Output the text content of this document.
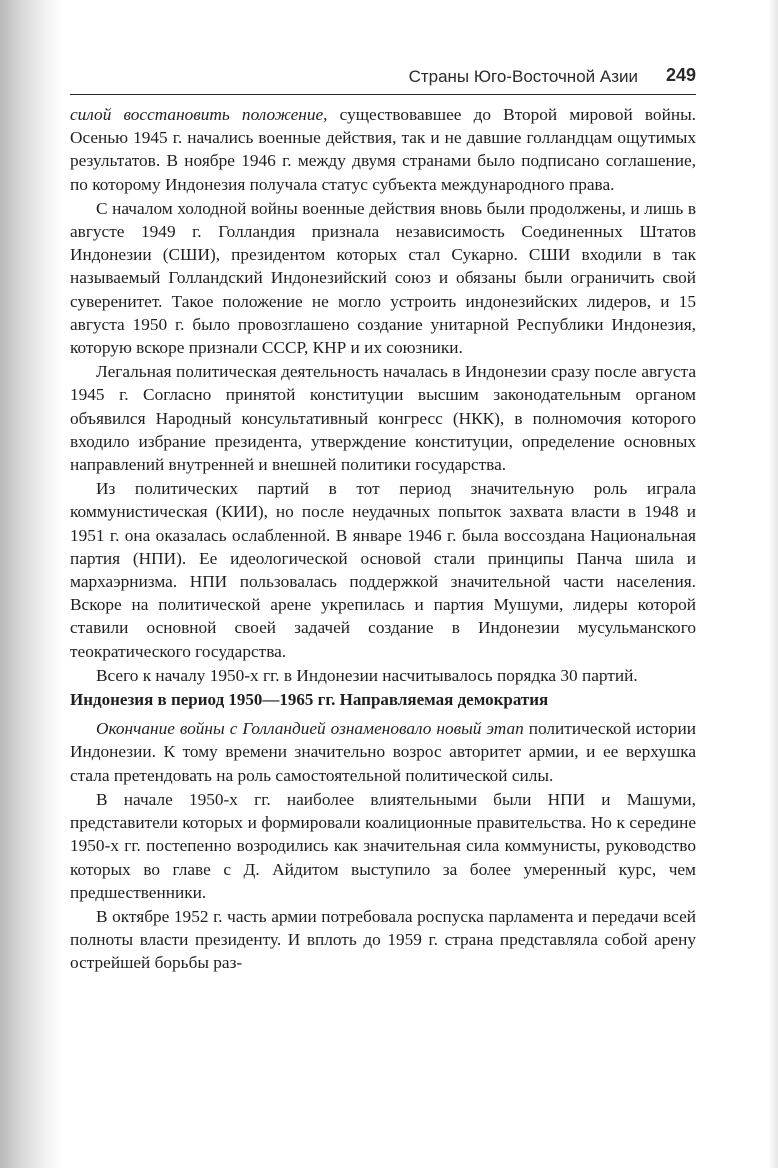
Страны Юго-Восточной Азии 249

силой восстановить положение, существовавшее до Второй мировой войны. Осенью 1945 г. начались военные действия, так и не давшие голландцам ощутимых результатов. В ноябре 1946 г. между двумя странами было подписано соглашение, по которому Индонезия получала статус субъекта международного права.

С началом холодной войны военные действия вновь были продолжены, и лишь в августе 1949 г. Голландия признала независимость Соединенных Штатов Индонезии (СШИ), президентом которых стал Сукарно. СШИ входили в так называемый Голландский Индонезийский союз и обязаны были ограничить свой суверенитет. Такое положение не могло устроить индонезийских лидеров, и 15 августа 1950 г. было провозглашено создание унитарной Республики Индонезия, которую вскоре признали СССР, КНР и их союзники.

Легальная политическая деятельность началась в Индонезии сразу после августа 1945 г. Согласно принятой конституции высшим законодательным органом объявился Народный консультативный конгресс (НКК), в полномочия которого входило избрание президента, утверждение конституции, определение основных направлений внутренней и внешней политики государства.

Из политических партий в тот период значительную роль играла коммунистическая (КИИ), но после неудачных попыток захвата власти в 1948 и 1951 г. она оказалась ослабленной. В январе 1946 г. была воссоздана Национальная партия (НПИ). Ее идеологической основой стали принципы Панча шила и мархаэрнизма. НПИ пользовалась поддержкой значительной части населения. Вскоре на политической арене укрепилась и партия Мушуми, лидеры которой ставили основной своей задачей создание в Индонезии мусульманского теократического государства.

Всего к началу 1950-х гг. в Индонезии насчитывалось порядка 30 партий.

Индонезия в период 1950—1965 гг. Направляемая демократия

Окончание войны с Голландией ознаменовало новый этап политической истории Индонезии. К тому времени значительно возрос авторитет армии, и ее верхушка стала претендовать на роль самостоятельной политической силы.

В начале 1950-х гг. наиболее влиятельными были НПИ и Машуми, представители которых и формировали коалиционные правительства. Но к середине 1950-х гг. постепенно возродились как значительная сила коммунисты, руководство которых во главе с Д. Айдитом выступило за более умеренный курс, чем предшественники.

В октябре 1952 г. часть армии потребовала роспуска парламента и передачи всей полноты власти президенту. И вплоть до 1959 г. страна представляла собой арену острейшей борьбы раз-
